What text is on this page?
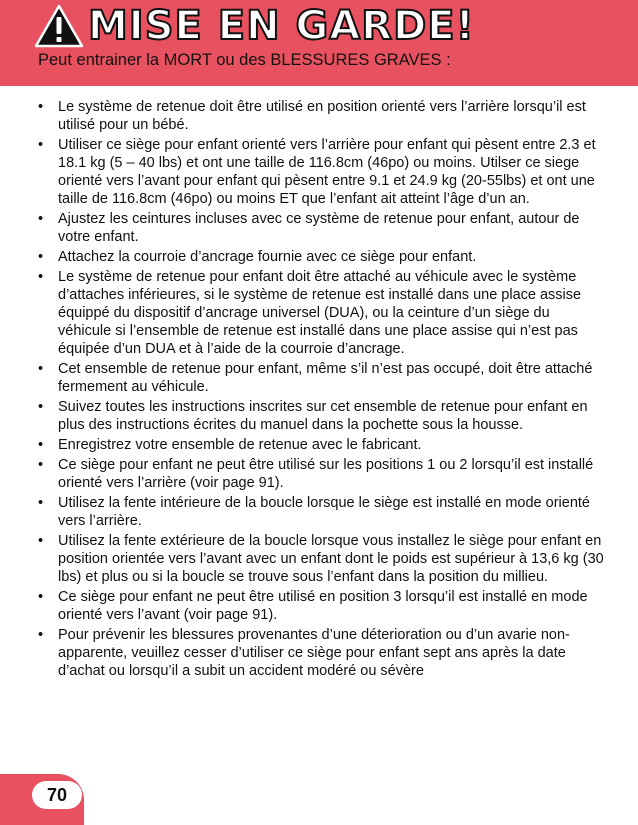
MISE EN GARDE!
Peut entrainer la MORT ou des BLESSURES GRAVES :
• Le système de retenue doit être utilisé en position orienté vers l’arrière lorsqu’il est utilisé pour un bébé.
• Utiliser ce siège pour enfant orienté vers l’arrière pour enfant qui pèsent entre 2.3 et 18.1 kg (5 – 40 lbs) et ont une taille de 116.8cm (46po) ou moins. Utilser ce siege orienté vers l’avant pour enfant qui pèsent entre 9.1 et 24.9 kg (20-55lbs) et ont une taille de 116.8cm (46po) ou moins ET que l’enfant ait atteint l’âge d’un an.
• Ajustez les ceintures incluses avec ce système de retenue pour enfant, autour de votre enfant.
• Attachez la courroie d’ancrage fournie avec ce siège pour enfant.
• Le système de retenue pour enfant doit être attaché au véhicule avec le système d’attaches inférieures, si le système de retenue est installé dans une place assise équippé du dispositif d’ancrage universel (DUA), ou la ceinture d’un siège du véhicule si l’ensemble de retenue est installé dans une place assise qui n’est pas équipée d’un DUA et à l’aide de la courroie d’ancrage.
• Cet ensemble de retenue pour enfant, même s’il n’est pas occupé, doit être attaché fermement au véhicule.
• Suivez toutes les instructions inscrites sur cet ensemble de retenue pour enfant en plus des instructions écrites du manuel dans la pochette sous la housse.
• Enregistrez votre ensemble de retenue avec le fabricant.
• Ce siège pour enfant ne peut être utilisé sur les positions 1 ou 2 lorsqu’il est installé orienté vers l’arrière (voir page 91).
• Utilisez la fente intérieure de la boucle lorsque le siège est installé en mode orienté vers l’arrière.
• Utilisez la fente extérieure de la boucle lorsque vous installez le siège pour enfant en position orientée vers l’avant avec un enfant dont le poids est supérieur à 13,6 kg (30 lbs) et plus ou si la boucle se trouve sous l’enfant dans la position du millieu.
• Ce siège pour enfant ne peut être utilisé en position 3 lorsqu’il est installé en mode orienté vers l’avant (voir page 91).
• Pour prévenir les blessures provenantes d’une déterioration ou d’un avarie non-apparente, veuillez cesser d’utiliser ce siège pour enfant sept ans après la date d’achat ou lorsqu’il a subit un accident modéré ou sévère
70
